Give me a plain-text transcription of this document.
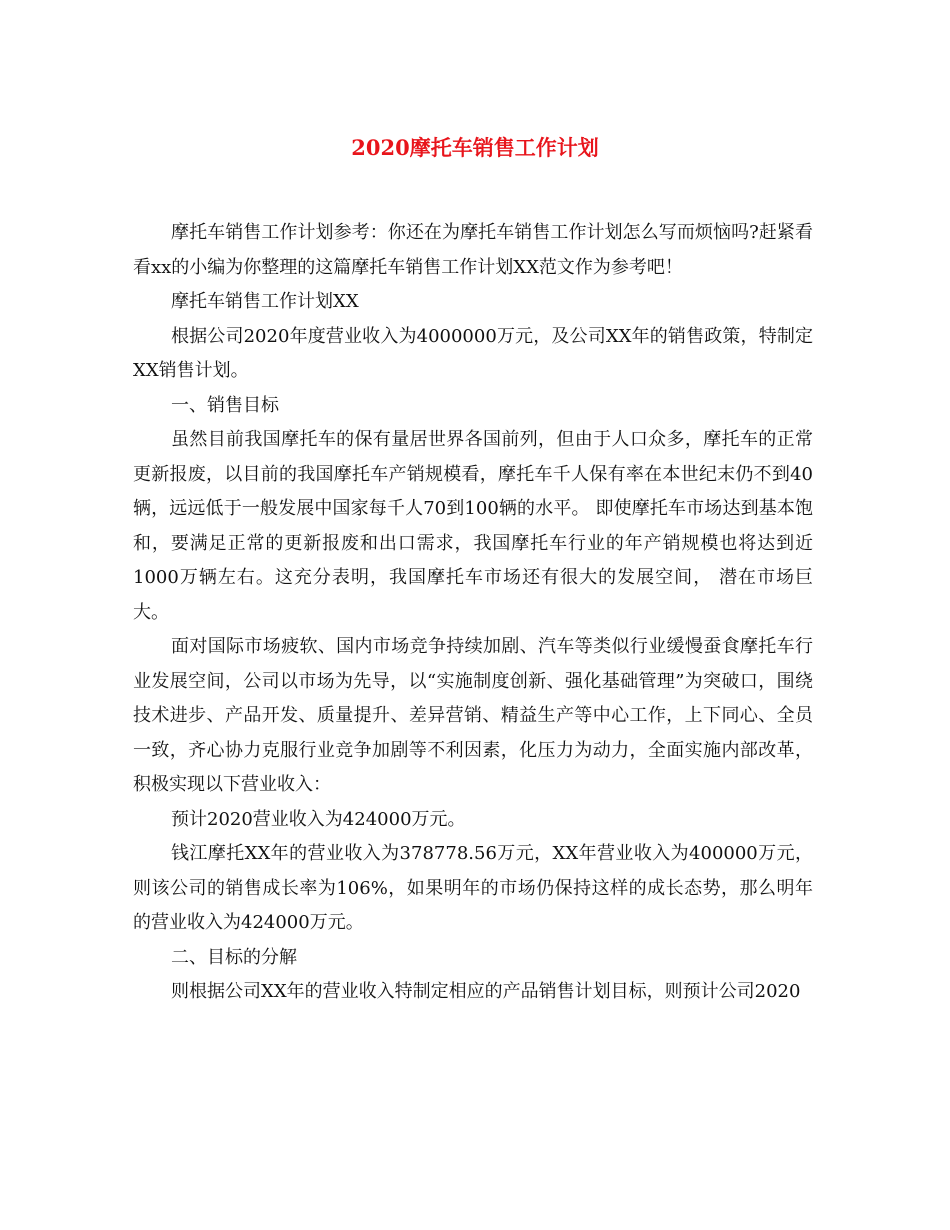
2020摩托车销售工作计划

摩托车销售工作计划参考：你还在为摩托车销售工作计划怎么写而烦恼吗?赶紧看看xx的小编为你整理的这篇摩托车销售工作计划XX范文作为参考吧！

摩托车销售工作计划XX

根据公司2020年度营业收入为4000000万元，及公司XX年的销售政策，特制定XX销售计划。

一、销售目标

虽然目前我国摩托车的保有量居世界各国前列，但由于人口众多，摩托车的正常更新报废，以目前的我国摩托车产销规模看，摩托车千人保有率在本世纪末仍不到40辆，远远低于一般发展中国家每千人70到100辆的水平。 即使摩托车市场达到基本饱和，要满足正常的更新报废和出口需求，我国摩托车行业的年产销规模也将达到近1000万辆左右。这充分表明，我国摩托车市场还有很大的发展空间， 潜在市场巨大。

面对国际市场疲软、国内市场竞争持续加剧、汽车等类似行业缓慢蚕食摩托车行业发展空间，公司以市场为先导，以“实施制度创新、强化基础管理”为突破口，围绕技术进步、产品开发、质量提升、差异营销、精益生产等中心工作，上下同心、全员一致，齐心协力克服行业竞争加剧等不利因素，化压力为动力，全面实施内部改革，积极实现以下营业收入：

预计2020营业收入为424000万元。

钱江摩托XX年的营业收入为378778.56万元，XX年营业收入为400000万元，则该公司的销售成长率为106%，如果明年的市场仍保持这样的成长态势，那么明年的营业收入为424000万元。

二、目标的分解

则根据公司XX年的营业收入特制定相应的产品销售计划目标，则预计公司2020
